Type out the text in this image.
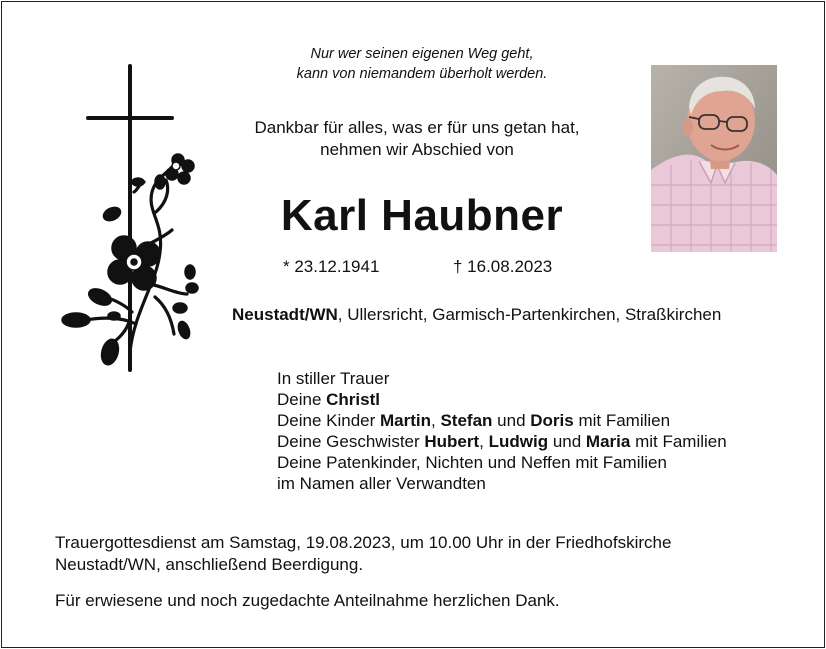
Nur wer seinen eigenen Weg geht,
kann von niemandem überholt werden.
Dankbar für alles, was er für uns getan hat,
nehmen wir Abschied von
Karl Haubner
* 23.12.1941	† 16.08.2023
Neustadt/WN, Ullersricht, Garmisch-Partenkirchen, Straßkirchen
In stiller Trauer
Deine Christl
Deine Kinder Martin, Stefan und Doris mit Familien
Deine Geschwister Hubert, Ludwig und Maria mit Familien
Deine Patenkinder, Nichten und Neffen mit Familien
im Namen aller Verwandten
Trauergottesdienst am Samstag, 19.08.2023, um 10.00 Uhr in der Friedhofskirche
Neustadt/WN, anschließend Beerdigung.
Für erwiesene und noch zugedachte Anteilnahme herzlichen Dank.
